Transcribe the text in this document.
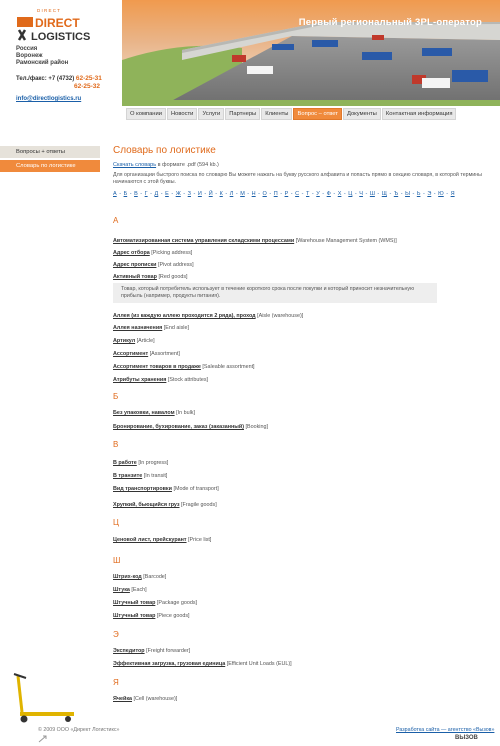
D I R E C T
DIRECT
LOGISTICS
Россия
Воронеж
Рамонский район
Тел./факс: +7 (4732) 62-25-31
62-25-32
info@directlogistics.ru
Первый региональный 3PL-оператор
О компании	Новости	Услуги	Партнеры	Клиенты	Вопрос – ответ	Документы	Контактная информация
Вопросы + ответы
Словарь по логистике
Словарь по логистике
Скачать словарь в формате .pdf (594 kb.)
Для организации быстрого поиска по словарю Вы можете нажать на букву русского алфавита и попасть прямо в секцию словаря, в которой термины начинаются с этой буквы.
А - Б - В - Г - Д - Е - Ж - З - И - Й - К - Л - М - Н - О - П - Р - С - Т - У - Ф - Х - Ц - Ч - Ш - Щ - Ъ - Ы - Ь - Э - Ю - Я
А
Автоматизированная система управления складскими процессами [Warehouse Management System (WMS)]
Адрес отбора [Picking address]
Адрес прописки [Pivot address]
Активный товар [Red goods]
Аллея (из каждую аллею проходится 2 ряда), проход [Aisle (warehouse)]
Аллея назначения [End aisle]
Артикул [Article]
Ассортимент [Assortment]
Ассортимент товаров в продаже [Saleable assortment]
Атрибуты хранения [Stock attributes]
Б
Без упаковки, навалом [In bulk]
Бронирование, бухирование, заказ (заказанный) [Booking]
В
В работе [In progress]
В транзите [In transit]
Вид транспортировки [Mode of transport]
Хрупкий, бьющийся груз [Fragile goods]
Ц
Ценовой лист, прейскурант [Price list]
Ш
Штрих-код [Barcode]
Штука [Each]
Штучный товар [Package goods]
Штучный товар [Piece goods]
Э
Экспедитор [Freight forwarder]
Эффективная загрузка, грузовая единица [Efficient Unit Loads (EUL)]
Я
Ячейка [Cell (warehouse)]
Товар, который потребитель использует в течение короткого срока после покупки и который приносит незначительную прибыль (например, продукты питания).
© 2009 ООО «Директ Логистикс»	Разработка сайта — агентство «Вызов»
ВЫЗОВ
